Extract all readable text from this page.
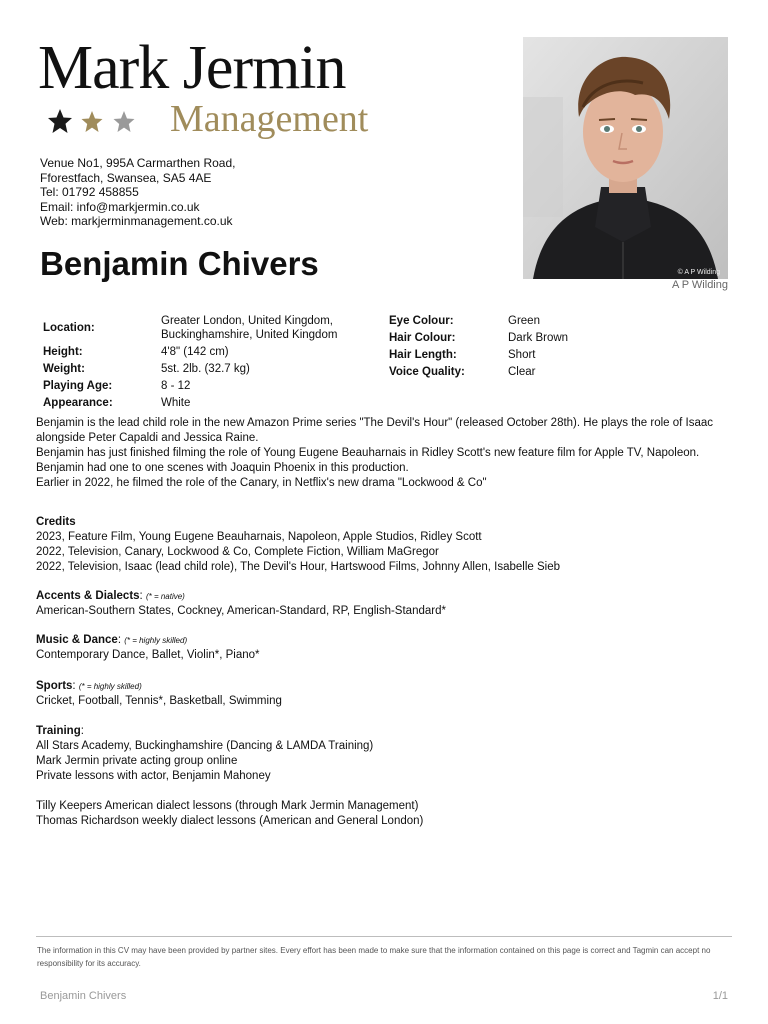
Mark Jermin
Management
Venue No1, 995A Carmarthen Road,
Fforestfach, Swansea, SA5 4AE
Tel: 01792 458855
Email: info@markjermin.co.uk
Web: markjerminmanagement.co.uk
Benjamin Chivers	© A P Wilding
A P Wilding
Location:
Greater London, United Kingdom,
Buckinghamshire, United Kingdom
Height:	4'8" (142 cm)
Weight:	5st. 2lb. (32.7 kg)
Playing Age:	8 - 12
Appearance:	White
Eye Colour:	Green
Hair Colour:	Dark Brown
Hair Length:	Short
Voice Quality:	Clear
Benjamin is the lead child role in the new Amazon Prime series "The Devil's Hour" (released October 28th). He plays the role of Isaac
alongside Peter Capaldi and Jessica Raine.
Benjamin has just finished filming the role of Young Eugene Beauharnais in Ridley Scott's new feature film for Apple TV, Napoleon.
Benjamin had one to one scenes with Joaquin Phoenix in this production.
Earlier in 2022, he filmed the role of the Canary, in Netflix's new drama "Lockwood & Co"
Credits
2023, Feature Film, Young Eugene Beauharnais, Napoleon, Apple Studios, Ridley Scott
2022, Television, Canary, Lockwood & Co, Complete Fiction, William MaGregor
2022, Television, Isaac (lead child role), The Devil's Hour, Hartswood Films, Johnny Allen, Isabelle Sieb
Accents & Dialects: (* = native)
American-Southern States, Cockney, American-Standard, RP, English-Standard*
Music & Dance: (* = highly skilled)
Contemporary Dance, Ballet, Violin*, Piano*
Sports: (* = highly skilled)
Cricket, Football, Tennis*, Basketball, Swimming
Training:
All Stars Academy, Buckinghamshire (Dancing & LAMDA Training)
Mark Jermin private acting group online
Private lessons with actor, Benjamin Mahoney
Tilly Keepers American dialect lessons (through Mark Jermin Management)
Thomas Richardson weekly dialect lessons (American and General London)
The information in this CV may have been provided by partner sites. Every effort has been made to make sure that the information contained on this page is correct and Tagmin can accept no responsibility for its accuracy.
Benjamin Chivers	1/1
